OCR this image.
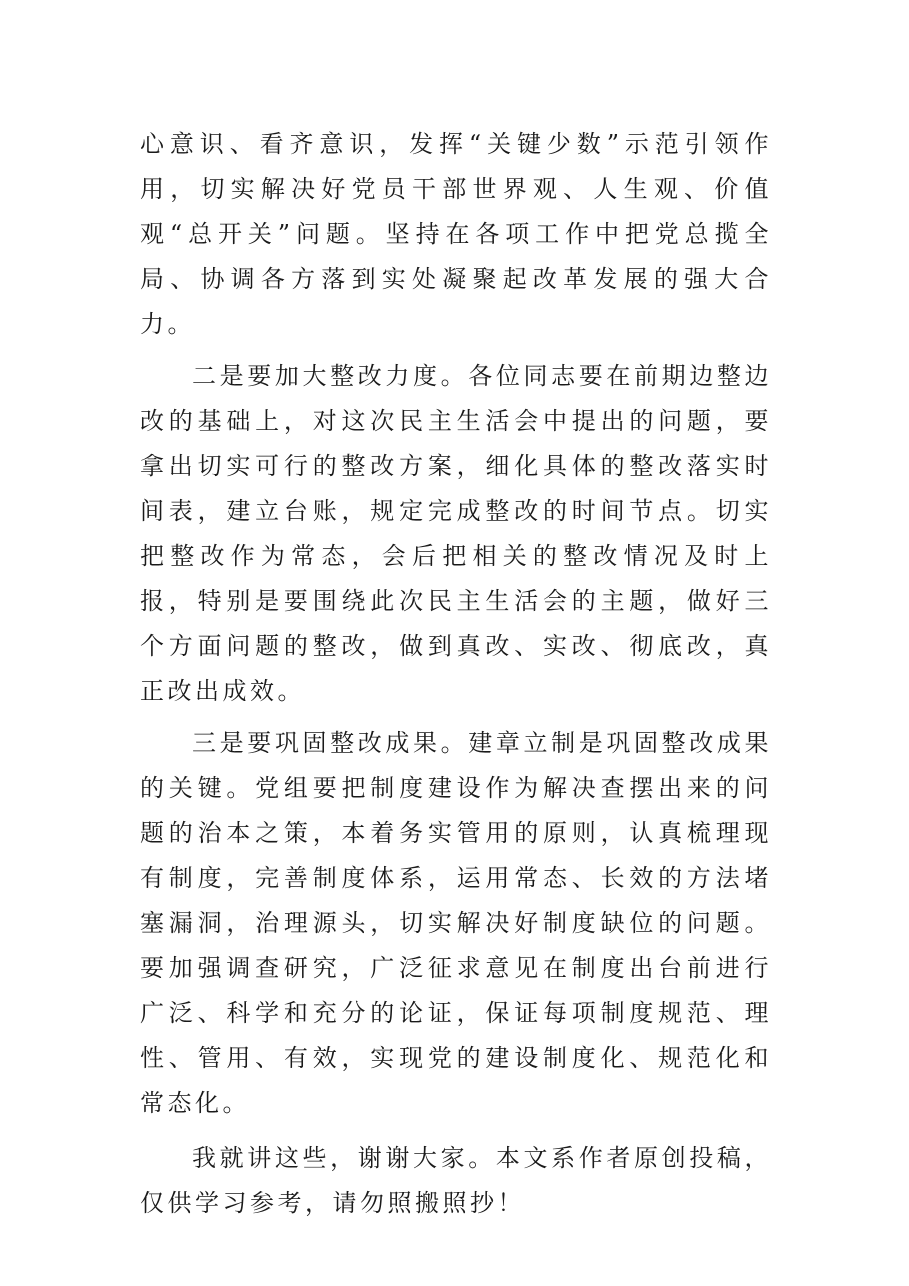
心意识、看齐意识，发挥“关键少数”示范引领作用，切实解决好党员干部世界观、人生观、价值观“总开关”问题。坚持在各项工作中把党总揽全局、协调各方落到实处凝聚起改革发展的强大合力。

二是要加大整改力度。各位同志要在前期边整边改的基础上，对这次民主生活会中提出的问题，要拿出切实可行的整改方案，细化具体的整改落实时间表，建立台账，规定完成整改的时间节点。切实把整改作为常态，会后把相关的整改情况及时上报，特别是要围绕此次民主生活会的主题，做好三个方面问题的整改，做到真改、实改、彻底改，真正改出成效。

三是要巩固整改成果。建章立制是巩固整改成果的关键。党组要把制度建设作为解决查摆出来的问题的治本之策，本着务实管用的原则，认真梳理现有制度，完善制度体系，运用常态、长效的方法堵塞漏洞，治理源头，切实解决好制度缺位的问题。要加强调查研究，广泛征求意见在制度出台前进行广泛、科学和充分的论证，保证每项制度规范、理性、管用、有效，实现党的建设制度化、规范化和常态化。

我就讲这些，谢谢大家。本文系作者原创投稿，仅供学习参考，请勿照搬照抄！
